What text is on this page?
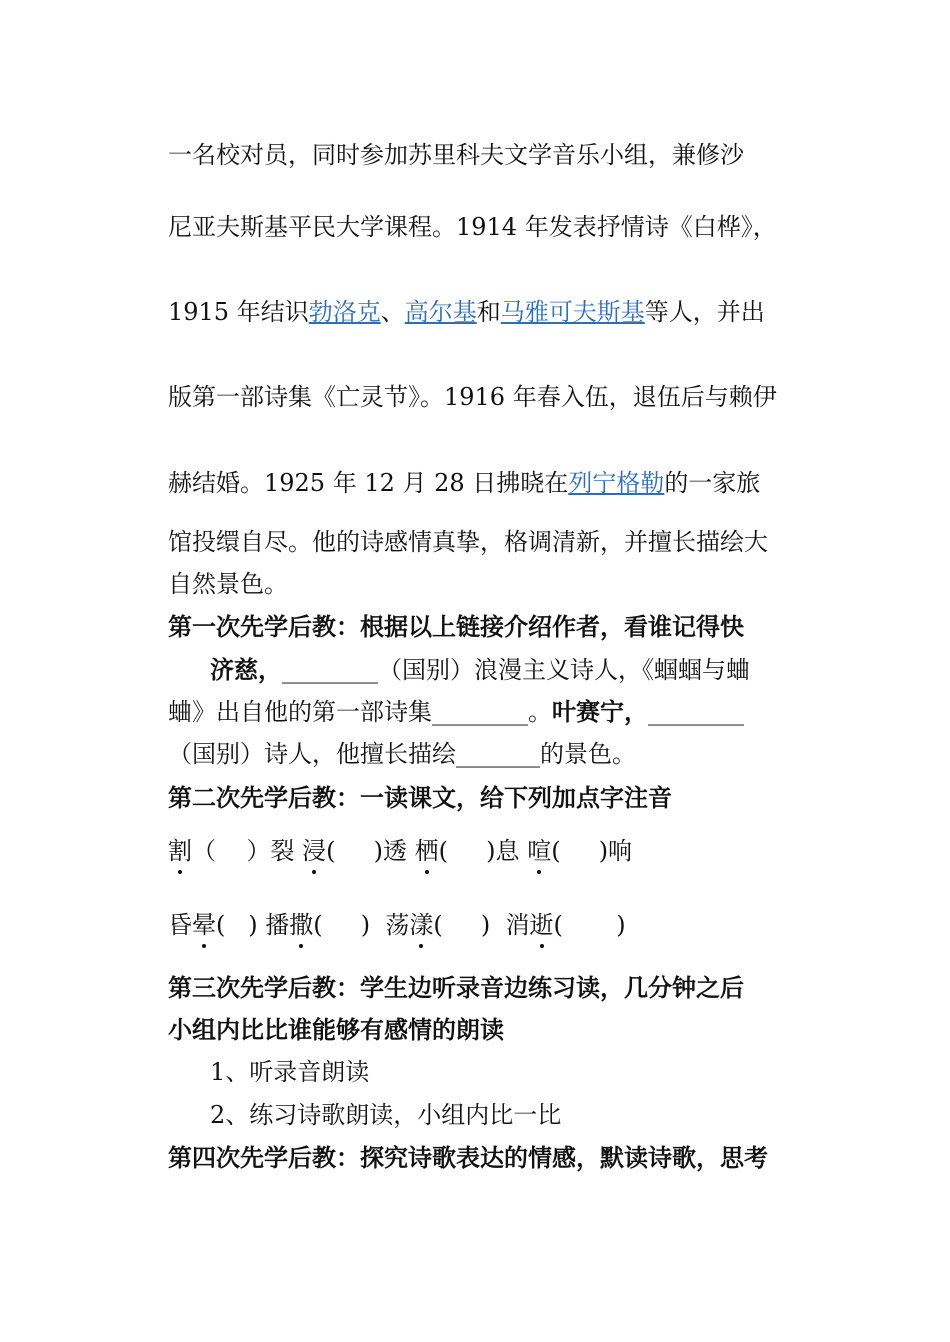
一名校对员，同时参加苏里科夫文学音乐小组，兼修沙
尼亚夫斯基平民大学课程。1914 年发表抒情诗《白桦》，
1915 年结识勃洛克、高尔基和马雅可夫斯基等人，并出
版第一部诗集《亡灵节》。1916 年春入伍，退伍后与赖伊
赫结婚。1925 年 12 月 28 日拂晓在列宁格勒的一家旅
馆投缳自尽。他的诗感情真挚，格调清新，并擅长描绘大
自然景色。
第一次先学后教：根据以上链接介绍作者，看谁记得快
济慈，________（国别）浪漫主义诗人，《蝈蝈与蛐
蛐》出自他的第一部诗集________。叶赛宁，________
（国别）诗人，他擅长描绘_______的景色。
第二次先学后教：一读课文，给下列加点字注音
割（    ）裂 浸(     )透 栖(     )息 喧(     )响
昏晕(   ) 播撒(     )  荡漾(     )  消逝(       )
第三次先学后教：学生边听录音边练习读，几分钟之后
小组内比比谁能够有感情的朗读
1、听录音朗读
2、练习诗歌朗读，小组内比一比
第四次先学后教：探究诗歌表达的情感，默读诗歌，思考
